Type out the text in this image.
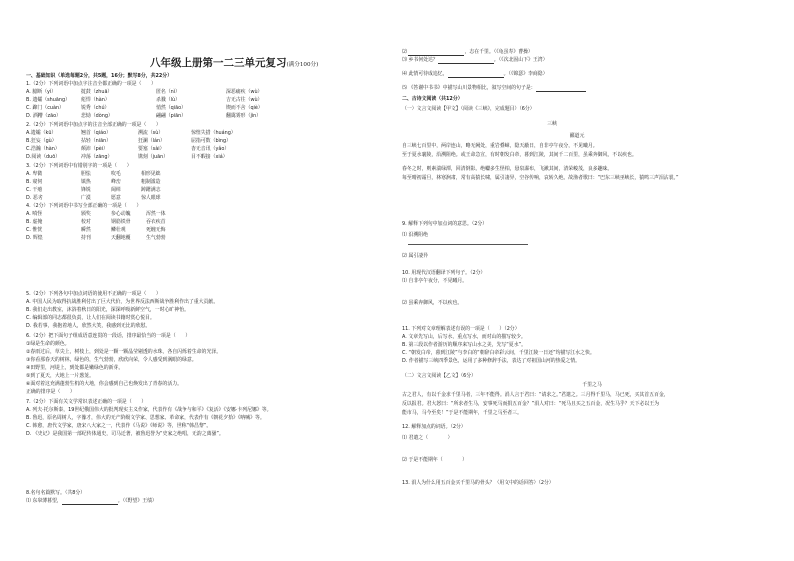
八年级上册第一二三单元复习(满分100分)
一、基础知识（单选每题2分，共5题，16分；默写8分，共22分）
1.（2分）下列词语中加点字注音全都正确的一项是（　　）
A. 臆断（yì）	挝鼓（zhuā）	匿名（nì）	深恶痛疾（wù）
B. 遗孀（shuāng） 彪悍（hàn）	杀戮（lù）	吉无古往（wù）
C. 蹿门（cuàn）	锐秀（chú）	悄然（qiāo）	锲而不舍（qiè）
D. 酒糟（zāo）	悲恸（dòng）	翩翩（piān）	翻霭雾形（jìn）
2.（2分）下列词语中加点字的注音全部正确的一项是（　　）
A.遗孀（kū）	翘首（qiáo）	溯流（sù）	惊惶失措（huáng）
B.狂妄（gù）	拈轻（niān）	狂澜（lán）	屈指可数（bìng）
C.浩瀚（hàn）	颠沛（pèi）	要塞（sài）	杳无音讯（yǎo）
D.阅读（duō）	冲荡（zāng）	镌刻（juān）	目不暇接（xiá）
3.（2分）下列词语中有错别字的一项是（　　）
A. 卑微	胆怯	吹毛	相形见绌
B. 窥伺	镇热	峰峦	粗制滥造
C. 干瘪	锋锐	阔绰	踌躇满志
D. 恶劣	广漠	愿意	惊人眼球
4.（2分）下列词语中书写全部正确的一项是（　　）
A. 嗔怪	颁奖	参心动魄	浑然一体
B. 虚掩	校对	钢筋铁骨	吞衣疾首
C. 惟恍	瞬然	鳞壮观	死缠无悔
D. 辉煌	持刊	天翻地覆	生气勃勃
5.（2分）下列各句中加点词语的使用不正确的一项是（　　）
A. 中国人民为取得抗战胜利付出了巨大代价，为世界反法西斯战争胜利作出了重大贡献。
B. 我们走出教室，沐浴着秋日的阳光，深深呼吸新鲜空气，一时心旷神怡。
C. 编辑部的同志都很负责，让人们在阅读书籍时赏心悦目。
D. 我若事，我抱着地人，欣然大笑，我感到无比的欣慰。
6.（2分）把下面句子组成语意连贯的一段话，排序最恰当的一项是（　　）
①绿是生命的颜色。
②春雨过后，草尖上，树枝上，到处是一颗一颗晶莹剔透的水珠，各自闪烁着生命的光泽。
③你看那春天的树林，绿色的，生气勃勃，欣欣向荣，令人感受到满眼的绿意。
④田野里，河堤上，到处都是嫩绿色的新芽。
⑤到了夏天，大地上一片葱茏。
⑥面对着这充满蓬勃生机的大地，你会感到自己也焕发出了青春的活力。
正确的排序是（　　）
7.（2分）下面有关文学常识表述正确的一项是（　　）
A. 列夫·托尔斯泰，19世纪俄国伟大的批判现实主义作家，代表作有《战争与和平》《复活》《安娜·卡列尼娜》等。
B. 鲁迅，原名周树人，字豫才，伟大的无产阶级文学家、思想家、革命家，代表作有《朝花夕拾》《呐喊》等。
C. 韩愈，唐代文学家，唐宋八大家之一，代表作《马说》《师说》等，世称“韩昌黎”。
D. 《史记》是我国第一部纪传体通史，司马迁著，被鲁迅誉为“史家之绝唱，无韵之离骚”。
8.名句名篇默写。（共8分）
⑴ 东皋薄暮望，	。（《野望》王绩）
⑵	，志在千里。（《龟虽寿》曹操）
⑶ 乡书何处达？	。（《次北固山下》王湾）
⑷ 此情可待成追忆，	。（《锦瑟》李商隐）
⑸ 《答谢中书书》中描写山川景物相比，叙写空间的句子是：
二、古诗文阅读（共12分）
（一）文言文阅读【甲文】（阅读《三峡》，完成题目）（6分）
三峡
郦道元
自三峡七百里中，两岸连山，略无阙处，重岩叠嶂，隐天蔽日，自非亭午夜分，不见曦月。
至于夏水襄陵，沿溯阻绝。或王命急宣，有时朝发白帝，暮到江陵，其间千二百里，虽乘奔御风，不以疾也。
春冬之时，则素湍绿潭，回清倒影。绝巘多生怪柏，悬泉瀑布，飞漱其间，清荣峻茂，良多趣味。
每至晴初霜旦，林寒涧肃，常有高猿长啸，属引凄异，空谷传响，哀转久绝。故渔者歌曰：“巴东三峡巫峡长，猿鸣三声泪沾裳。”
9. 解释下列句中加点词的意思。（2分）
⑴ 沿溯阻绝
⑵ 属引凄异
10. 用现代汉语翻译下列句子。（2分）
⑴ 自非亭午夜分，不见曦月。
⑵ 虽乘奔御风，不以疾也。
11. 下列对文章理解表述有误的一项是（　　）（2分）
A. 文章先写山，后写水，重点写水，而对山的描写较少。
B. 第三段以作者游历的顺序来写山水之美，先写“夏水”。
C. “朝发白帝，暮到江陵”与李白的“朝辞白帝彩云间，千里江陵一日还”均描写江水之快。
D. 作者描写三峡四季景色，运用了多种修辞手法，表达了对祖国山河的热爱之情。
（二）文言文阅读【乙文】（6分）
千里之马
古之君人，有以千金求千里马者，三年不能得。涓人言于君曰：“请求之。”君遣之。三月得千里马，马已死，买其首五百金，
反以报君。君大怒曰：“所求者生马，安事死马而捐五百金？”涓人对曰：“死马且买之五百金，况生马乎？天下必以王为
能市马，马今至矣！”于是不能期年，千里之马至者三。
12. 解释加点的词语。（2分）
⑴ 君遣之（　　　　）
⑵ 于是不能期年（　　　　）
13. 涓人为什么用五百金买千里马的骨头？（用文中的话回答）（2分）
